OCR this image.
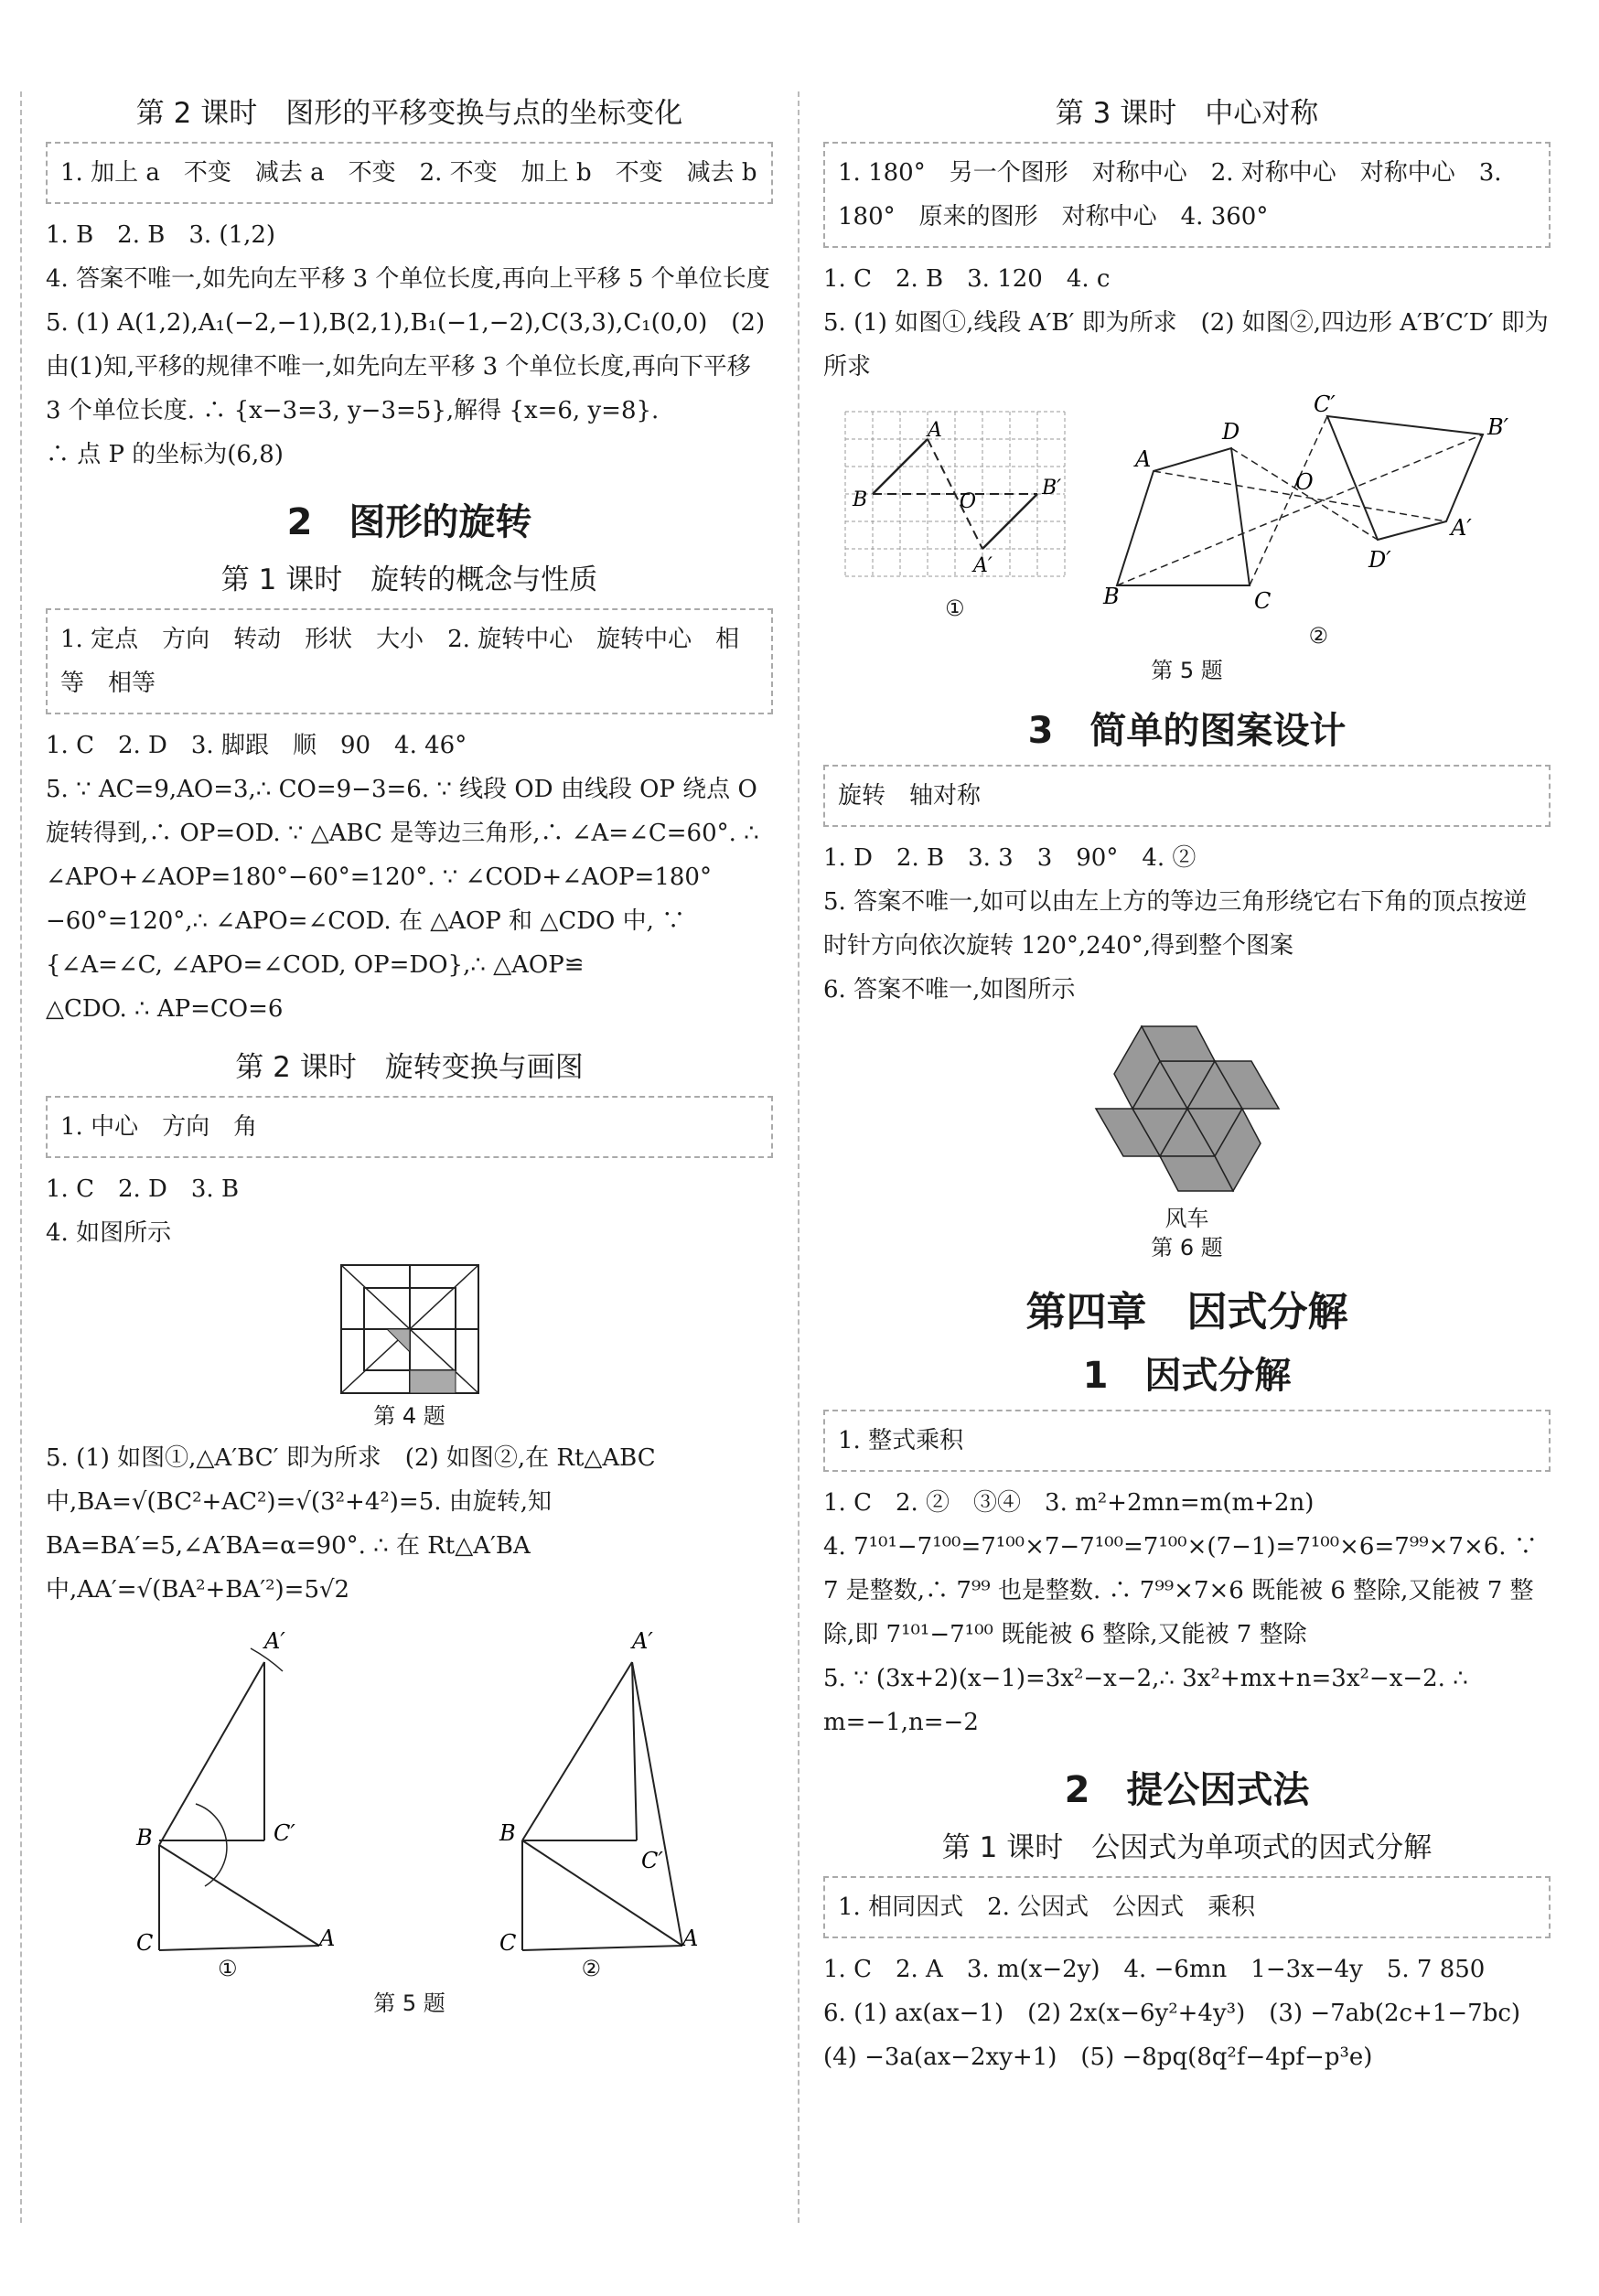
第 2 课时　图形的平移变换与点的坐标变化
1. 加上 a　不变　减去 a　不变　2. 不变　加上 b　不变　减去 b

1. B　2. B　3. (1,2)

4. 答案不唯一,如先向左平移 3 个单位长度,再向上平移 5 个单位长度

5. (1) A(1,2),A₁(−2,−1),B(2,1),B₁(−1,−2),C(3,3),C₁(0,0)　(2) 由(1)知,平移的规律不唯一,如先向左平移 3 个单位长度,再向下平移 3 个单位长度. ∴ {x−3=3, y−3=5},解得 {x=6, y=8}.

∴ 点 P 的坐标为(6,8)

2　图形的旋转
第 1 课时　旋转的概念与性质
1. 定点　方向　转动　形状　大小　2. 旋转中心　旋转中心　相等　相等

1. C　2. D　3. 脚跟　顺　90　4. 46°

5. ∵ AC=9,AO=3,∴ CO=9−3=6. ∵ 线段 OD 由线段 OP 绕点 O 旋转得到,∴ OP=OD. ∵ △ABC 是等边三角形,∴ ∠A=∠C=60°. ∴ ∠APO+∠AOP=180°−60°=120°. ∵ ∠COD+∠AOP=180°−60°=120°,∴ ∠APO=∠COD. 在 △AOP 和 △CDO 中, ∵ {∠A=∠C, ∠APO=∠COD, OP=DO},∴ △AOP≌

△CDO. ∴ AP=CO=6

第 2 课时　旋转变换与画图
1. 中心　方向　角

1. C　2. D　3. B

4. 如图所示

第 4 题

5. (1) 如图①,△A′BC′ 即为所求　(2) 如图②,在 Rt△ABC 中,BA=√(BC²+AC²)=√(3²+4²)=5. 由旋转,知 BA=BA′=5,∠A′BA=α=90°. ∴ 在 Rt△A′BA 中,AA′=√(BA²+BA′²)=5√2

A′
B	C′
C	A
①
A′
B
C′
C	A
②
第 5 题
第 3 课时　中心对称
1. 180°　另一个图形　对称中心　2. 对称中心　对称中心　3. 180°　原来的图形　对称中心　4. 360°

1. C　2. B　3. 120　4. c

5. (1) 如图①,线段 A′B′ 即为所求　(2) 如图②,四边形 A′B′C′D′ 即为所求

A
B	O
B′
A′
①
A
D
C
B
O
C′
B′
A′
D′
②
第 5 题
3　简单的图案设计
旋转　轴对称

1. D　2. B　3. 3　3　90°　4. ②

5. 答案不唯一,如可以由左上方的等边三角形绕它右下角的顶点按逆时针方向依次旋转 120°,240°,得到整个图案

6. 答案不唯一,如图所示

风车
第 6 题
第四章　因式分解
1　因式分解
1. 整式乘积

1. C　2. ②　③④　3. m²+2mn=m(m+2n)

4. 7¹⁰¹−7¹⁰⁰=7¹⁰⁰×7−7¹⁰⁰=7¹⁰⁰×(7−1)=7¹⁰⁰×6=7⁹⁹×7×6. ∵ 7 是整数,∴ 7⁹⁹ 也是整数. ∴ 7⁹⁹×7×6 既能被 6 整除,又能被 7 整除,即 7¹⁰¹−7¹⁰⁰ 既能被 6 整除,又能被 7 整除

5. ∵ (3x+2)(x−1)=3x²−x−2,∴ 3x²+mx+n=3x²−x−2. ∴ m=−1,n=−2

2　提公因式法
第 1 课时　公因式为单项式的因式分解
1. 相同因式　2. 公因式　公因式　乘积

1. C　2. A　3. m(x−2y)　4. −6mn　1−3x−4y　5. 7 850

6. (1) ax(ax−1)　(2) 2x(x−6y²+4y³)　(3) −7ab(2c+1−7bc)　(4) −3a(ax−2xy+1)　(5) −8pq(8q²f−4pf−p³e)
